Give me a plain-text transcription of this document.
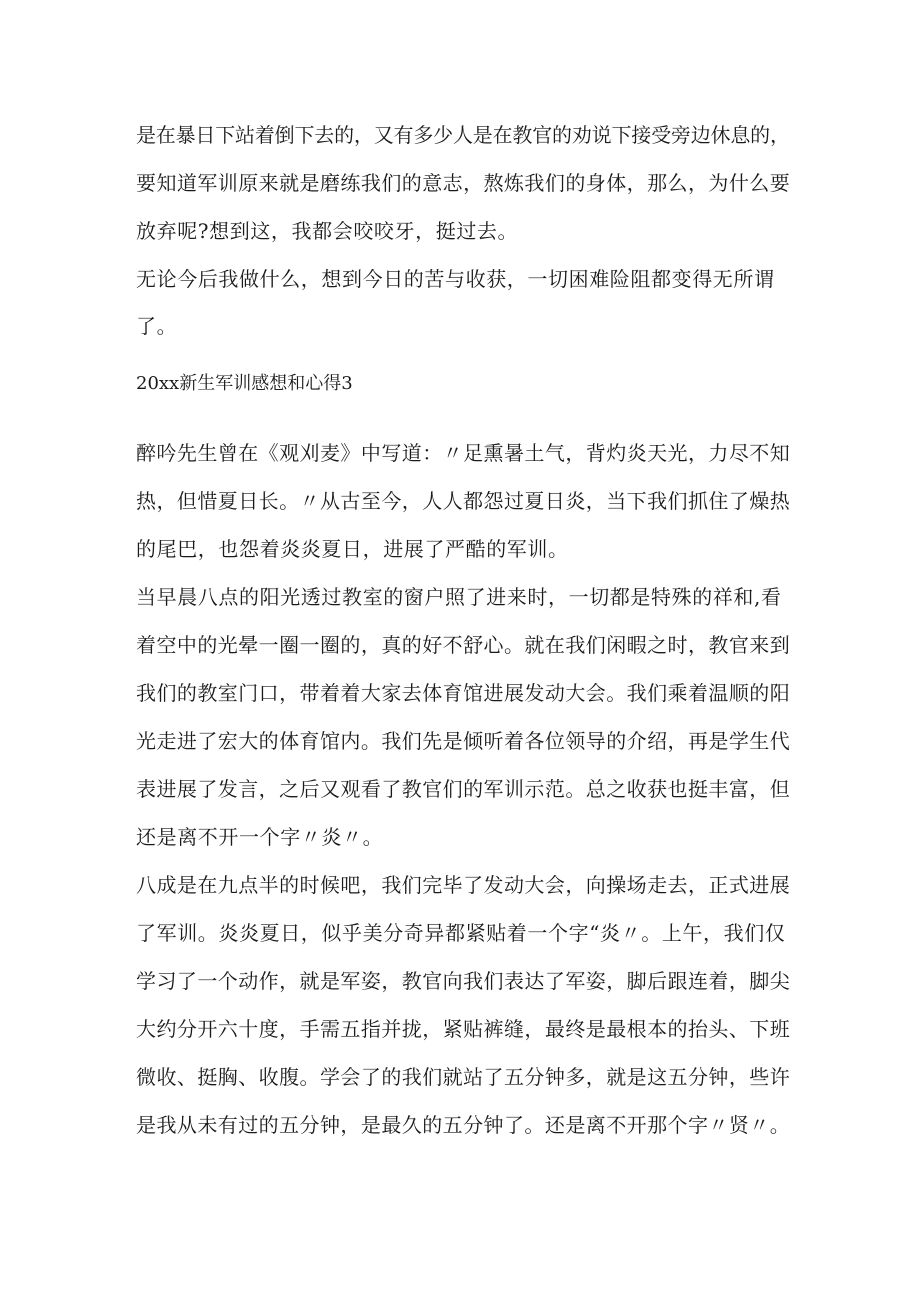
是在暴日下站着倒下去的，又有多少人是在教官的劝说下接受旁边休息的，
要知道军训原来就是磨练我们的意志，熬炼我们的身体，那么，为什么要
放弃呢?想到这，我都会咬咬牙，挺过去。
无论今后我做什么，想到今日的苦与收获，一切困难险阻都变得无所谓
了。
20xx新生军训感想和心得3
醉吟先生曾在《观刈麦》中写道：〃足熏暑土气，背灼炎天光，力尽不知
热，但惜夏日长。〃从古至今，人人都怨过夏日炎，当下我们抓住了燥热
的尾巴，也怨着炎炎夏日，进展了严酷的军训。
当早晨八点的阳光透过教室的窗户照了进来时，一切都是特殊的祥和,看
着空中的光晕一圈一圈的，真的好不舒心。就在我们闲暇之时，教官来到
我们的教室门口，带着着大家去体育馆进展发动大会。我们乘着温顺的阳
光走进了宏大的体育馆内。我们先是倾听着各位领导的介绍，再是学生代
表进展了发言，之后又观看了教官们的军训示范。总之收获也挺丰富，但
还是离不开一个字〃炎〃。
八成是在九点半的时候吧，我们完毕了发动大会，向操场走去，正式进展
了军训。炎炎夏日，似乎美分奇异都紧贴着一个字“炎〃。上午，我们仅
学习了一个动作，就是军姿，教官向我们表达了军姿，脚后跟连着，脚尖
大约分开六十度，手需五指并拢，紧贴裤缝，最终是最根本的抬头、下班
微收、挺胸、收腹。学会了的我们就站了五分钟多，就是这五分钟，些许
是我从未有过的五分钟，是最久的五分钟了。还是离不开那个字〃贤〃。
